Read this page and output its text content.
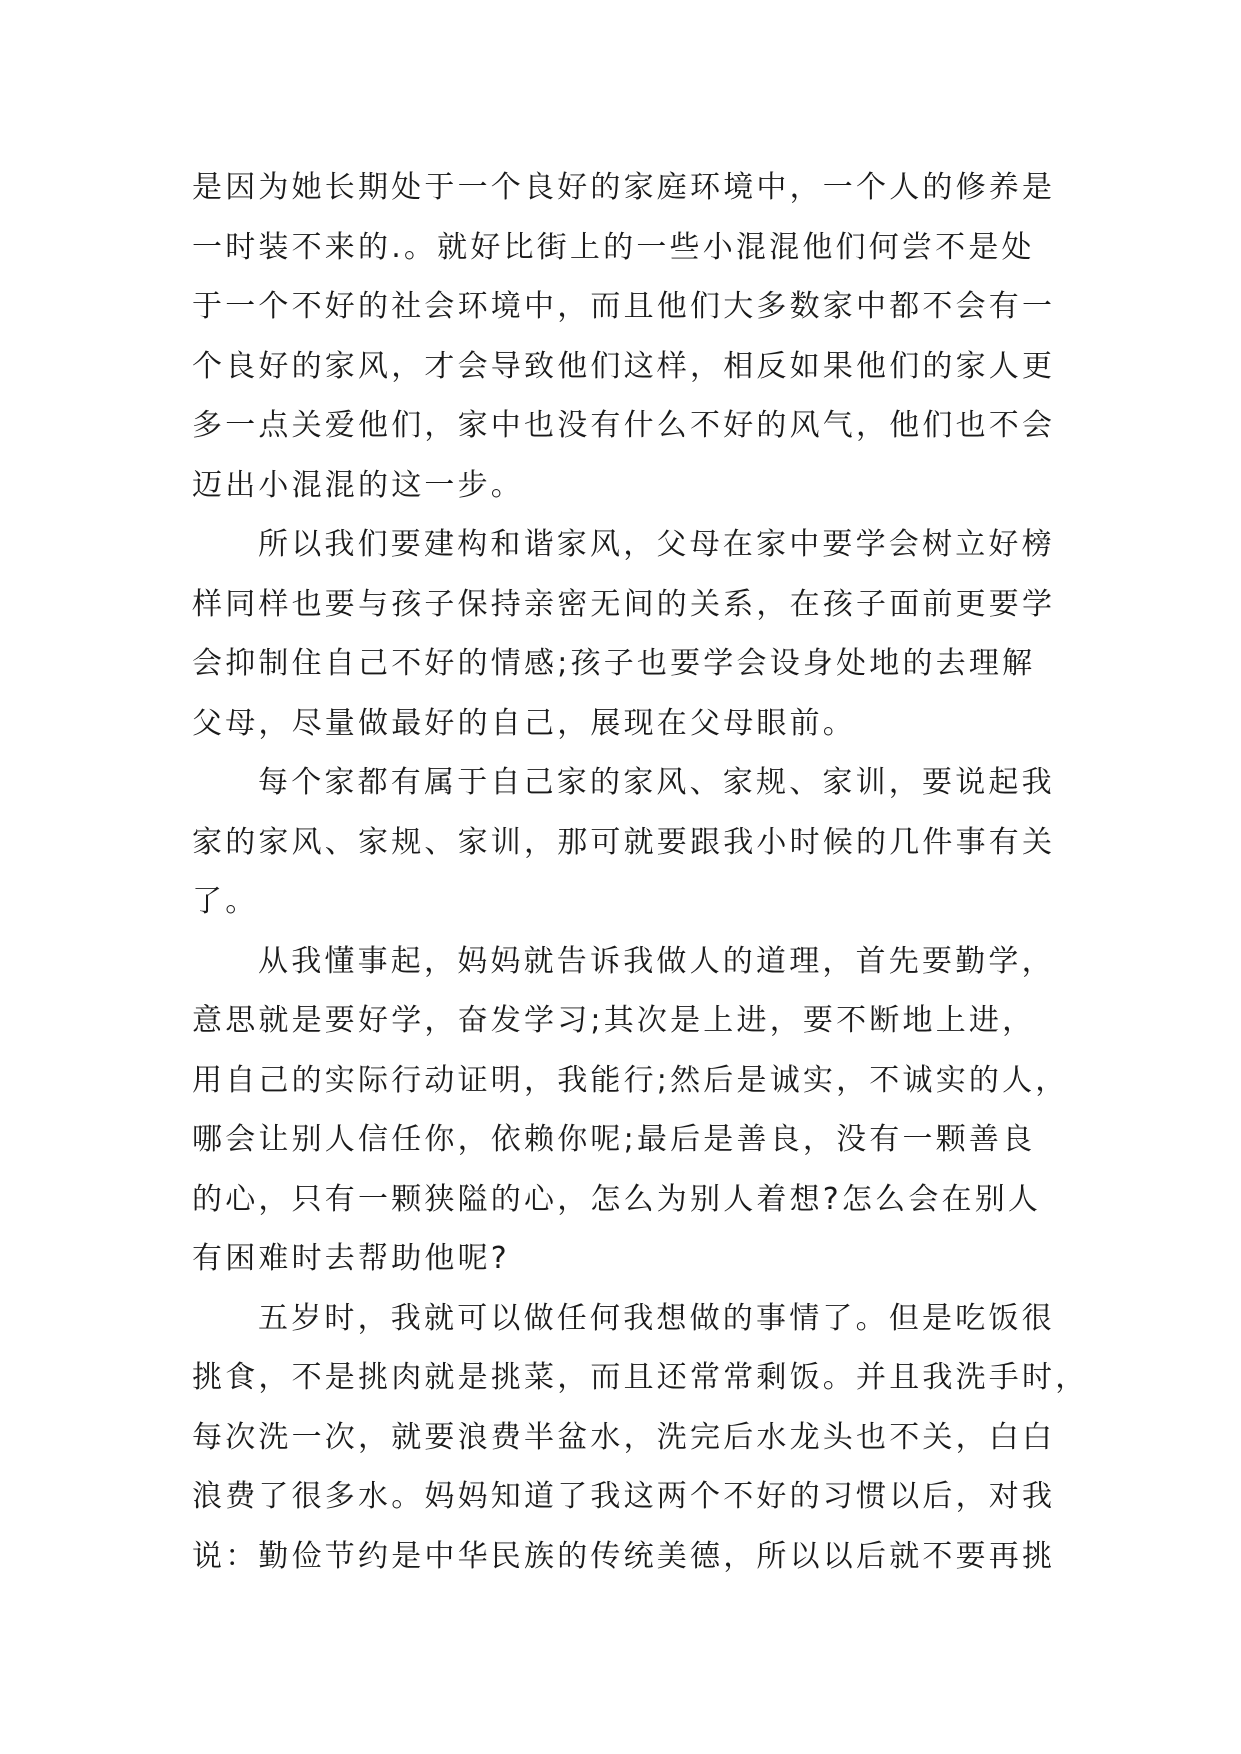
是因为她长期处于一个良好的家庭环境中，一个人的修养是
一时装不来的.。就好比街上的一些小混混他们何尝不是处
于一个不好的社会环境中，而且他们大多数家中都不会有一
个良好的家风，才会导致他们这样，相反如果他们的家人更
多一点关爱他们，家中也没有什么不好的风气，他们也不会
迈出小混混的这一步。
所以我们要建构和谐家风，父母在家中要学会树立好榜
样同样也要与孩子保持亲密无间的关系，在孩子面前更要学
会抑制住自己不好的情感;孩子也要学会设身处地的去理解
父母，尽量做最好的自己，展现在父母眼前。
每个家都有属于自己家的家风、家规、家训，要说起我
家的家风、家规、家训，那可就要跟我小时候的几件事有关
了。
从我懂事起，妈妈就告诉我做人的道理，首先要勤学，
意思就是要好学，奋发学习;其次是上进，要不断地上进，
用自己的实际行动证明，我能行;然后是诚实，不诚实的人，
哪会让别人信任你，依赖你呢;最后是善良，没有一颗善良
的心，只有一颗狭隘的心，怎么为别人着想?怎么会在别人
有困难时去帮助他呢?
五岁时，我就可以做任何我想做的事情了。但是吃饭很
挑食，不是挑肉就是挑菜，而且还常常剩饭。并且我洗手时，
每次洗一次，就要浪费半盆水，洗完后水龙头也不关，白白
浪费了很多水。妈妈知道了我这两个不好的习惯以后，对我
说：勤俭节约是中华民族的传统美德，所以以后就不要再挑
